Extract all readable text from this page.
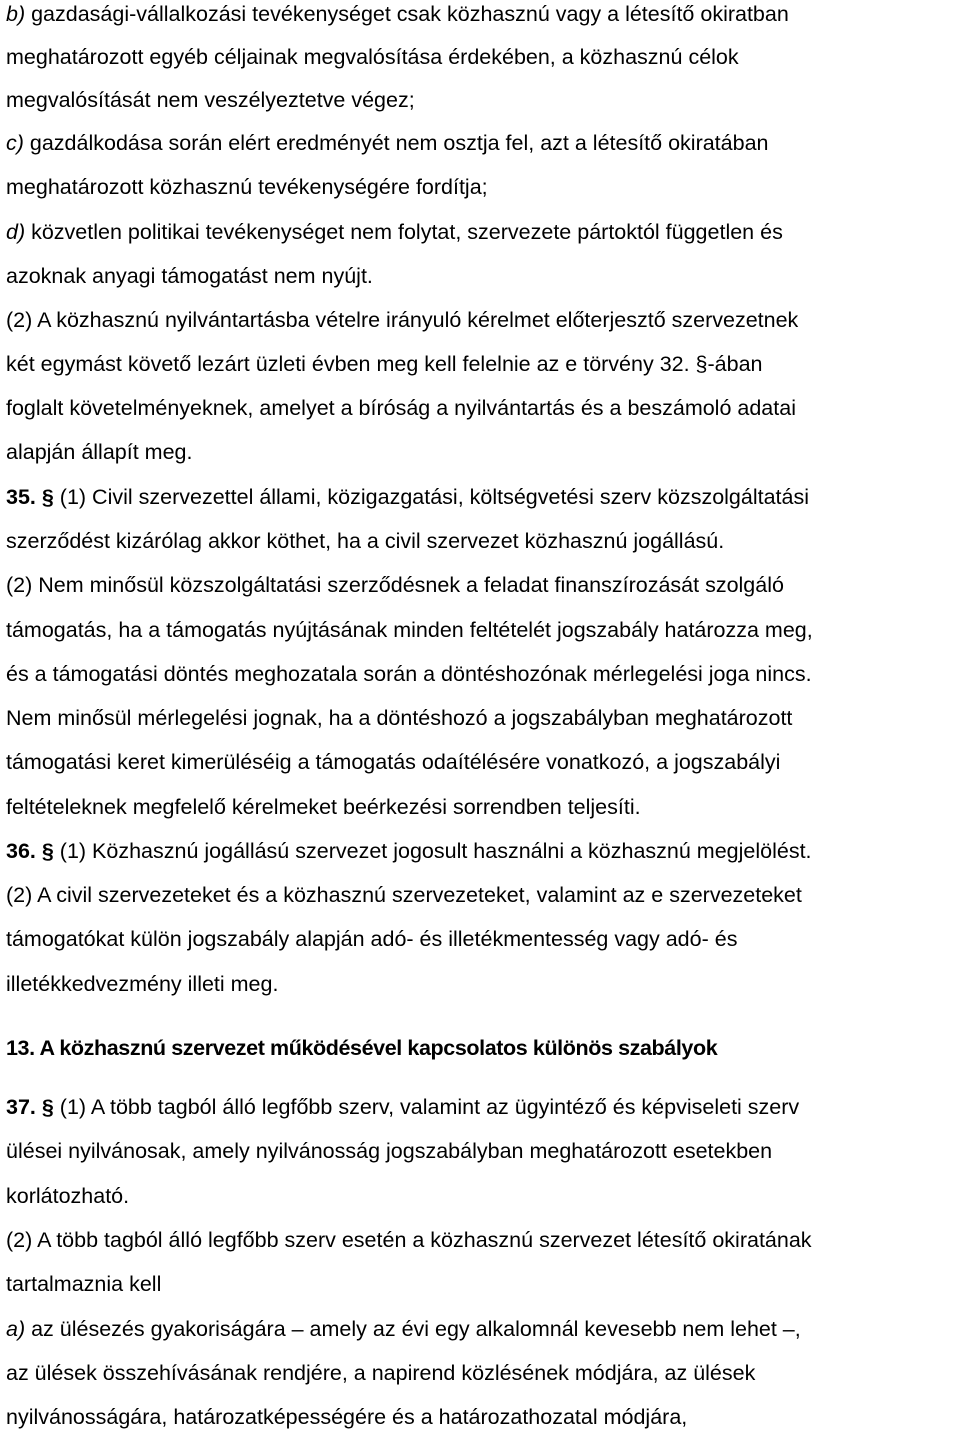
b) gazdasági-vállalkozási tevékenységet csak közhasznú vagy a létesítő okiratban
meghatározott egyéb céljainak megvalósítása érdekében, a közhasznú célok
megvalósítását nem veszélyeztetve végez;
c) gazdálkodása során elért eredményét nem osztja fel, azt a létesítő okiratában
meghatározott közhasznú tevékenységére fordítja;
d) közvetlen politikai tevékenységet nem folytat, szervezete pártoktól független és
azoknak anyagi támogatást nem nyújt.
(2) A közhasznú nyilvántartásba vételre irányuló kérelmet előterjesztő szervezetnek
két egymást követő lezárt üzleti évben meg kell felelnie az e törvény 32. §-ában
foglalt követelményeknek, amelyet a bíróság a nyilvántartás és a beszámoló adatai
alapján állapít meg.
35. § (1) Civil szervezettel állami, közigazgatási, költségvetési szerv közszolgáltatási
szerződést kizárólag akkor köthet, ha a civil szervezet közhasznú jogállású.
(2) Nem minősül közszolgáltatási szerződésnek a feladat finanszírozását szolgáló
támogatás, ha a támogatás nyújtásának minden feltételét jogszabály határozza meg,
és a támogatási döntés meghozatala során a döntéshozónak mérlegelési joga nincs.
Nem minősül mérlegelési jognak, ha a döntéshozó a jogszabályban meghatározott
támogatási keret kimerüléséig a támogatás odaítélésére vonatkozó, a jogszabályi
feltételeknek megfelelő kérelmeket beérkezési sorrendben teljesíti.
36. § (1) Közhasznú jogállású szervezet jogosult használni a közhasznú megjelölést.
(2) A civil szervezeteket és a közhasznú szervezeteket, valamint az e szervezeteket
támogatókat külön jogszabály alapján adó- és illetékmentesség vagy adó- és
illetékkedvezmény illeti meg.
13. A közhasznú szervezet működésével kapcsolatos különös szabályok
37. § (1) A több tagból álló legfőbb szerv, valamint az ügyintéző és képviseleti szerv
ülései nyilvánosak, amely nyilvánosság jogszabályban meghatározott esetekben
korlátozható.
(2) A több tagból álló legfőbb szerv esetén a közhasznú szervezet létesítő okiratának
tartalmaznia kell
a) az ülésezés gyakoriságára – amely az évi egy alkalomnál kevesebb nem lehet –,
az ülések összehívásának rendjére, a napirend közlésének módjára, az ülések
nyilvánosságára, határozatképességére és a határozathozatal módjára,
